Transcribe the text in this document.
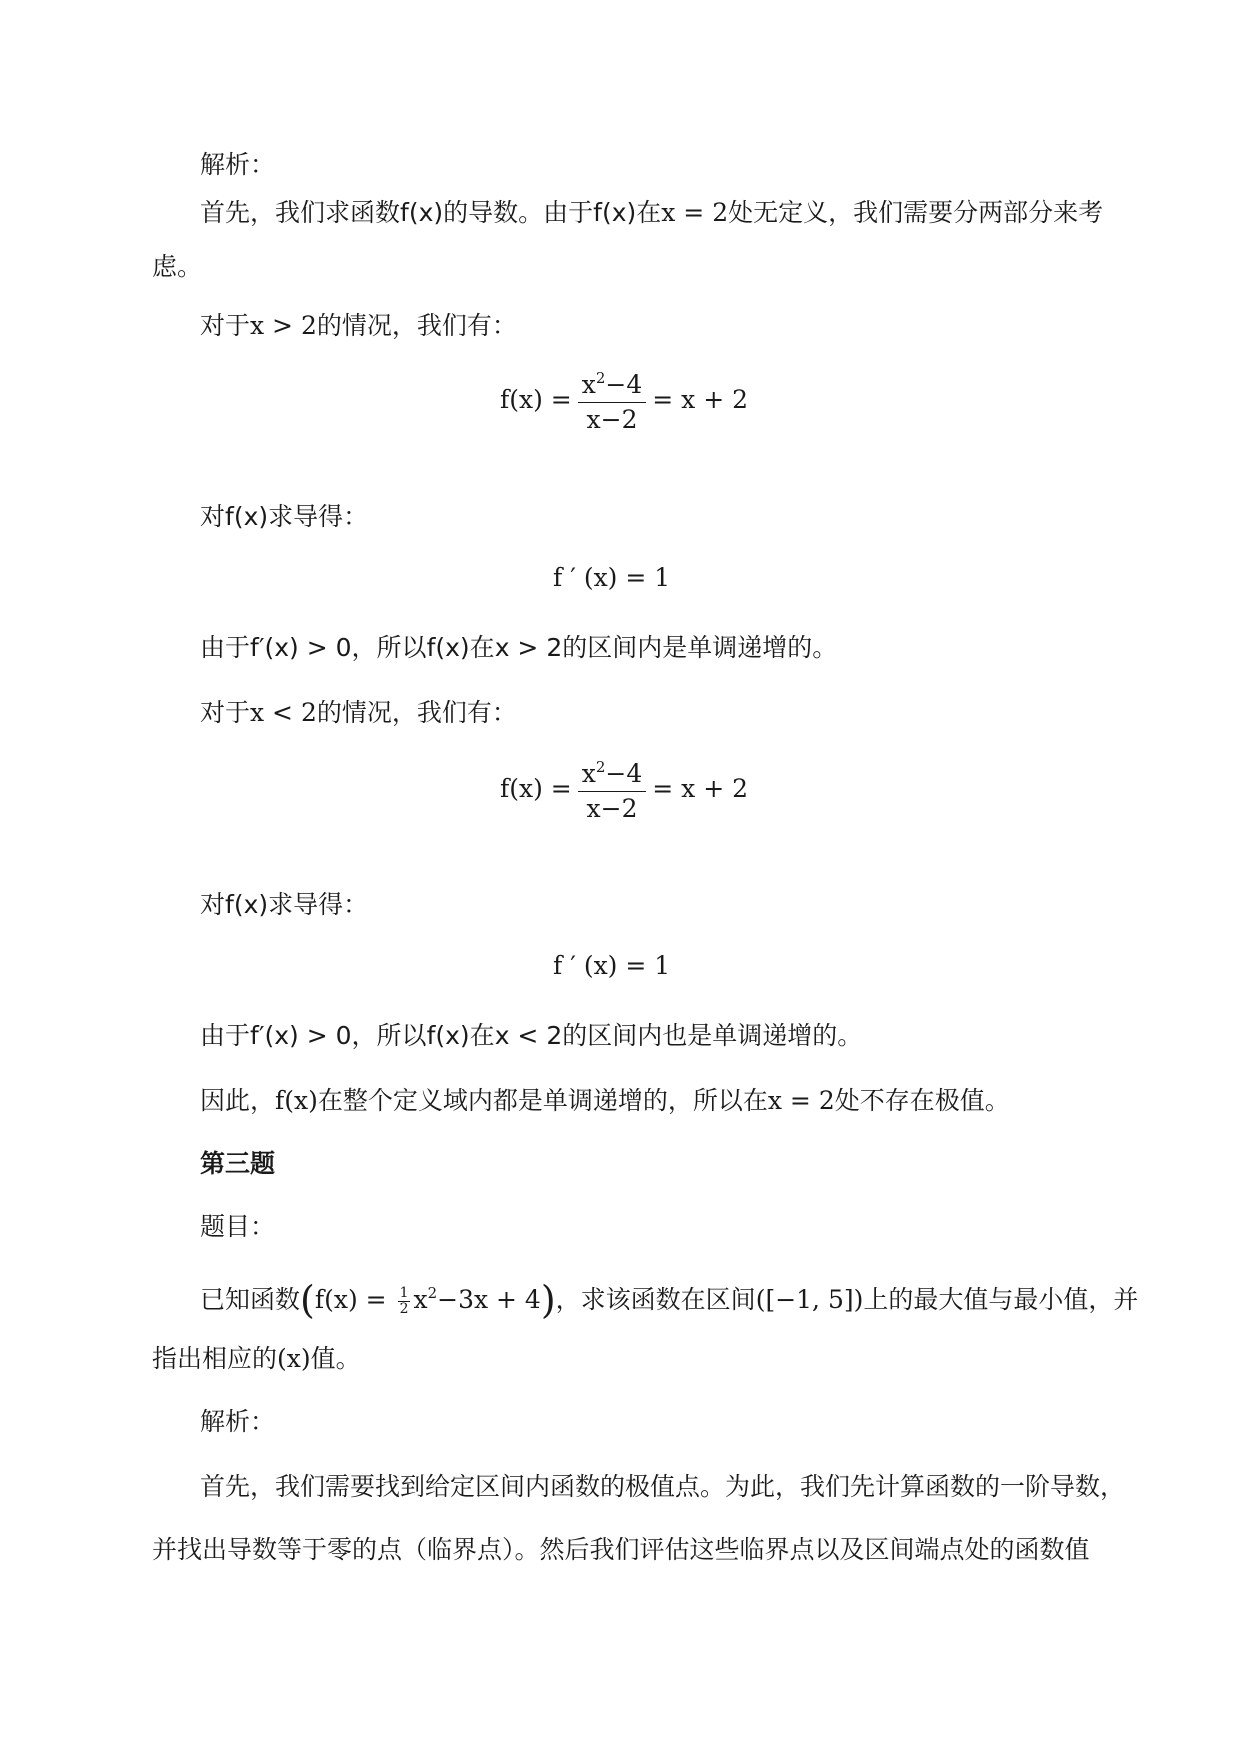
解析：
首先，我们求函数f(x)的导数。由于f(x)在x = 2处无定义，我们需要分两部分来考
虑。
对于x > 2的情况，我们有：
$f(x) = \frac{x^2-4}{x-2} = x + 2$
对f(x)求导得：
f ′ (x) = 1
由于f′(x) > 0，所以f(x)在x > 2的区间内是单调递增的。
对于x < 2的情况，我们有：
$f(x) = \frac{x^2-4}{x-2} = x + 2$
对f(x)求导得：
f ′ (x) = 1
由于f′(x) > 0，所以f(x)在x < 2的区间内也是单调递增的。
因此，f(x)在整个定义域内都是单调递增的，所以在x = 2处不存在极值。
第三题
题目：
已知函数$(f(x) = \frac{1}{2} x^2-3x + 4)$，求该函数在区间([−1, 5])上的最大值与最小值，并
指出相应的(x)值。
解析：
首先，我们需要找到给定区间内函数的极值点。为此，我们先计算函数的一阶导数，
并找出导数等于零的点（临界点）。然后我们评估这些临界点以及区间端点处的函数值
